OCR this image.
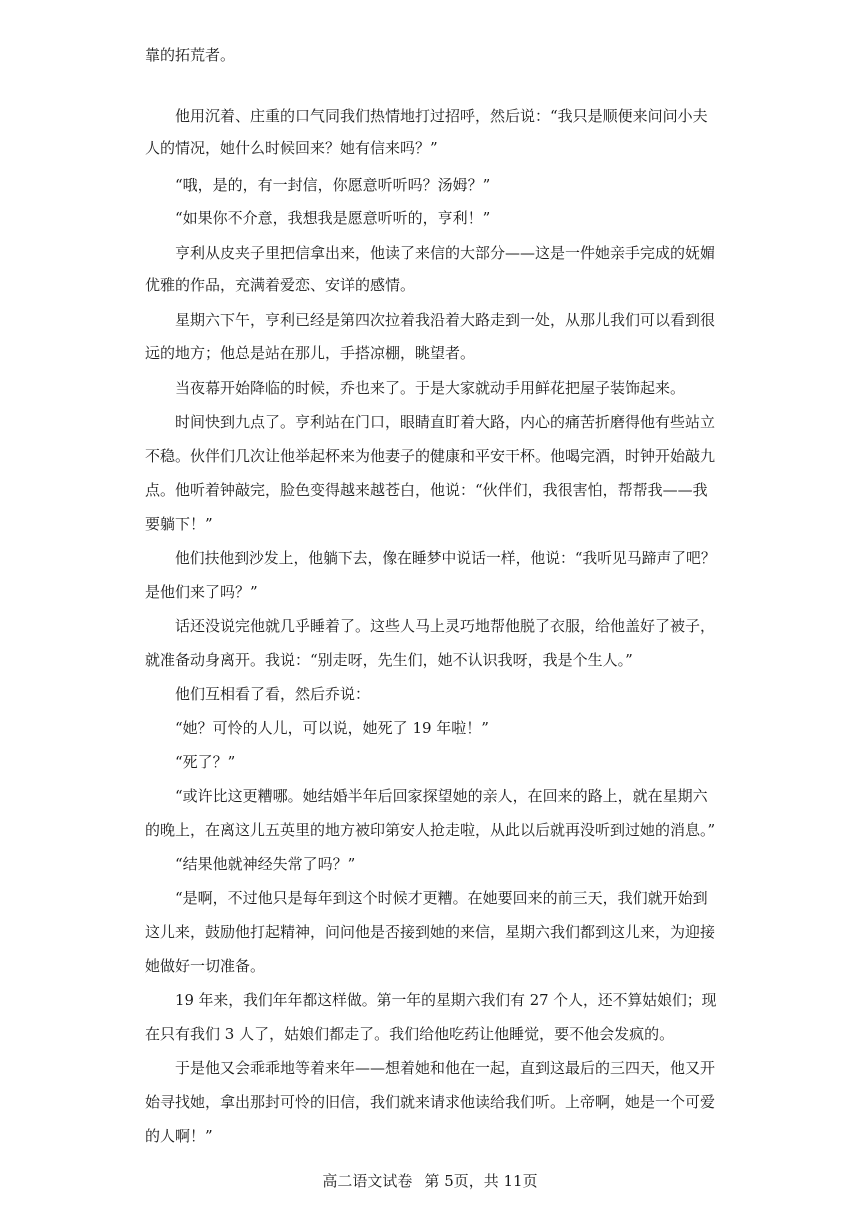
靠的拓荒者。
他用沉着、庄重的口气同我们热情地打过招呼，然后说：“我只是顺便来问问小夫
人的情况，她什么时候回来？她有信来吗？”
“哦，是的，有一封信，你愿意听听吗？汤姆？”
“如果你不介意，我想我是愿意听听的，亨利！”
亨利从皮夹子里把信拿出来，他读了来信的大部分——这是一件她亲手完成的妩媚
优雅的作品，充满着爱恋、安详的感情。
星期六下午，亨利已经是第四次拉着我沿着大路走到一处，从那儿我们可以看到很
远的地方；他总是站在那儿，手搭凉棚，眺望者。
当夜幕开始降临的时候，乔也来了。于是大家就动手用鲜花把屋子装饰起来。
时间快到九点了。亨利站在门口，眼睛直盯着大路，内心的痛苦折磨得他有些站立
不稳。伙伴们几次让他举起杯来为他妻子的健康和平安干杯。他喝完酒，时钟开始敲九
点。他听着钟敲完，脸色变得越来越苍白，他说：“伙伴们，我很害怕，帮帮我——我
要躺下！”
他们扶他到沙发上，他躺下去，像在睡梦中说话一样，他说：“我听见马蹄声了吧？
是他们来了吗？”
话还没说完他就几乎睡着了。这些人马上灵巧地帮他脱了衣服，给他盖好了被子，
就准备动身离开。我说：“别走呀，先生们，她不认识我呀，我是个生人。”
他们互相看了看，然后乔说：
“她？可怜的人儿，可以说，她死了 19 年啦！”
“死了？”
“或许比这更糟哪。她结婚半年后回家探望她的亲人，在回来的路上，就在星期六
的晚上，在离这儿五英里的地方被印第安人抢走啦，从此以后就再没听到过她的消息。”
“结果他就神经失常了吗？”
“是啊，不过他只是每年到这个时候才更糟。在她要回来的前三天，我们就开始到
这儿来，鼓励他打起精神，问问他是否接到她的来信，星期六我们都到这儿来，为迎接
她做好一切准备。
19 年来，我们年年都这样做。第一年的星期六我们有 27 个人，还不算姑娘们；现
在只有我们 3 人了，姑娘们都走了。我们给他吃药让他睡觉，要不他会发疯的。
于是他又会乖乖地等着来年——想着她和他在一起，直到这最后的三四天，他又开
始寻找她，拿出那封可怜的旧信，我们就来请求他读给我们听。上帝啊，她是一个可爱
的人啊！”
高二语文试卷 第 5页，共 11页
